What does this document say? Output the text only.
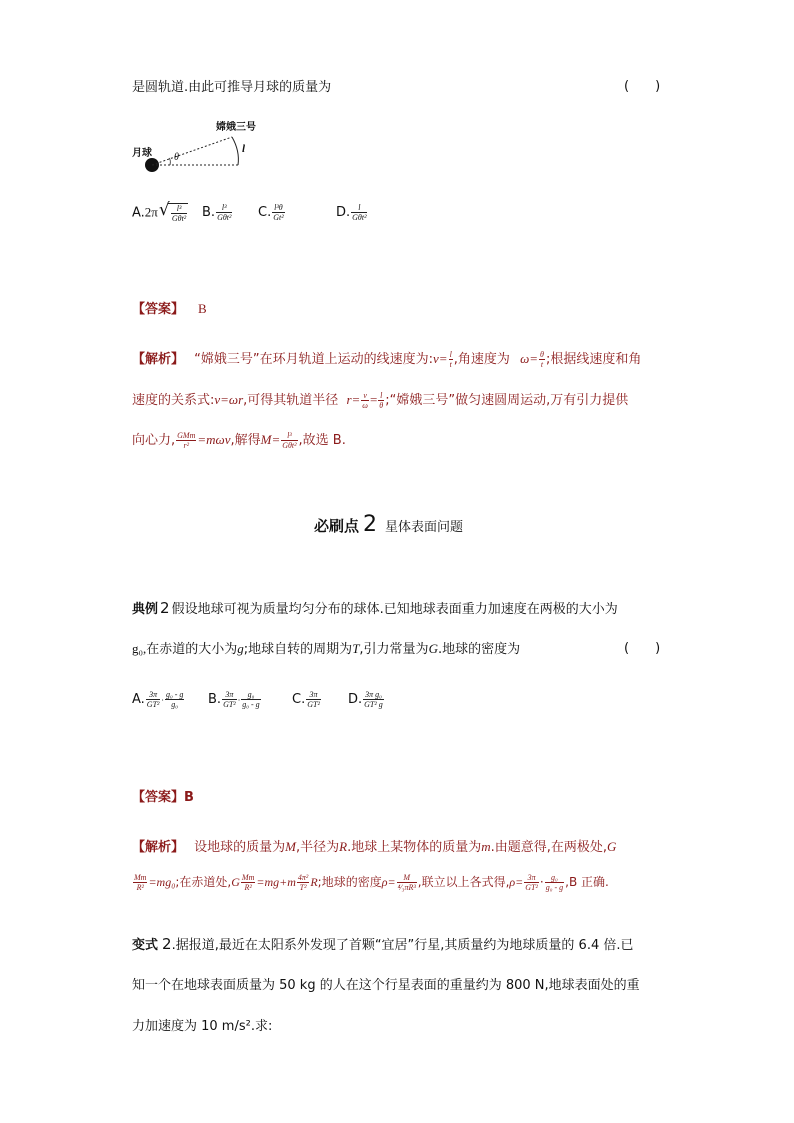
是圆轨道.由此可推导月球的质量为	(　　)
嫦娥三号
月球 θ
l
A.2π
√ $\frac{\text{l³}}{\text{Gθt²}} B$. $\frac{\text{l³}}{\text{Gθt²}} C$. $\frac{\text{l³θ}}{\text{Gt²}}$	D. $\frac{l}{\text{Gθt²}}$
【答案】 B
【解析】 “嫦娥三号”在环月轨道上运动的线速度为:v= $\frac{l}{t}$ ,角速度为 $\omega= \frac{\theta}{t}$ ;根据线速度和角
速度的关系式:v=ωr,可得其轨道半径 $r= \frac{v}{\omega} = \frac{l}{\theta}$ ;“嫦娥三号”做匀速圆周运动,万有引力提供
向心力, $\frac{\text{GMm}}{\text{r²}} =m\omega v$,解得$M= \frac{\text{l³}}{\text{Gθt²}}$ ,故选 B.
必刷点 2 星体表面问题
典例 2 假设地球可视为质量均匀分布的球体.已知地球表面重力加速度在两极的大小为
g₀,在赤道的大小为g;地球自转的周期为T,引力常量为G.地球的密度为	(　　)
A. $\frac{3\pi}{\text{GT²}} \cdot \frac{\text{g₀ - g}}{\text{g₀}} B$. $\frac{3\pi}{\text{GT²}} \cdot \frac{\text{g₀}}{\text{g₀ - g}} C$. $\frac{3\pi}{\text{GT²}} D$. $\frac{\text{3π g₀}}{\text{GT² g}}$
【答案】B
【解析】 设地球的质量为M,半径为R.地球上某物体的质量为m.由题意得,在两极处,G
$\frac{Mm}{\text{R²}} =mg_0$;在赤道处$,G \frac{Mm}{\text{R²}} =mg+m \frac{\text{4π²}}{\text{T²}} R$;地球的密度$\rho= \frac{M}{\text{⁴⁄₃πR³}}$ ,联立以上各式得$,\rho= \frac{3\pi}{\text{GT²}} \cdot \frac{\text{g₀}}{\text{g₀ - g}} ,B$ 正确.
变式 2.据报道,最近在太阳系外发现了首颗“宜居”行星,其质量约为地球质量的 6.4 倍.已
知一个在地球表面质量为 50 kg 的人在这个行星表面的重量约为 800 N,地球表面处的重
力加速度为 10 m/s².求:
